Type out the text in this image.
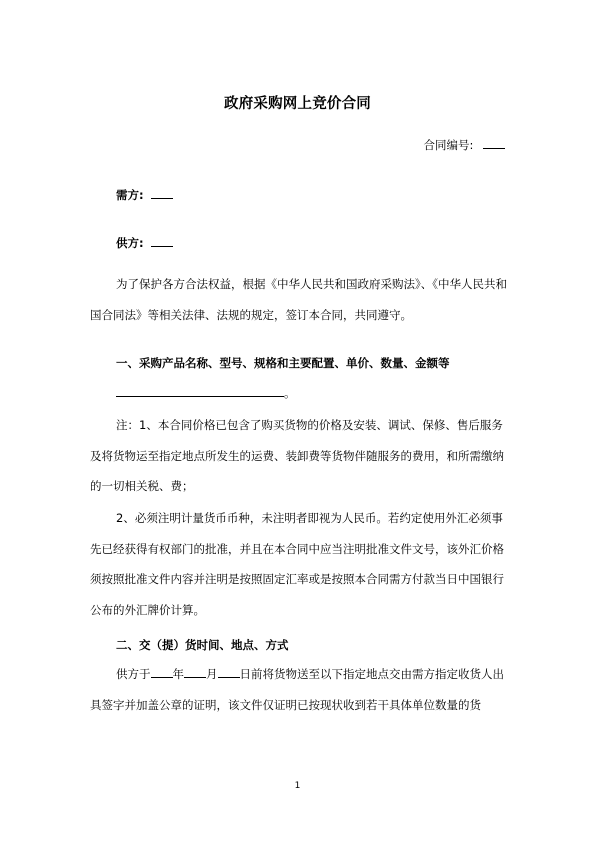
政府采购网上竞价合同
合同编号:
需方:
供方:
为了保护各方合法权益，根据《中华人民共和国政府采购法》、《中华人民共和国合同法》等相关法律、法规的规定，签订本合同，共同遵守。
一、采购产品名称、型号、规格和主要配置、单价、数量、金额等
。
注：1、本合同价格已包含了购买货物的价格及安装、调试、保修、售后服务及将货物运至指定地点所发生的运费、装卸费等货物伴随服务的费用，和所需缴纳的一切相关税、费；
2、必须注明计量货币币种，未注明者即视为人民币。若约定使用外汇必须事先已经获得有权部门的批准，并且在本合同中应当注明批准文件文号，该外汇价格须按照批准文件内容并注明是按照固定汇率或是按照本合同需方付款当日中国银行公布的外汇牌价计算。
二、交（提）货时间、地点、方式
供方于 年 月 日前将货物送至以下指定地点交由需方指定收货人出具签字并加盖公章的证明，该文件仅证明已按现状收到若干具体单位数量的货
1
